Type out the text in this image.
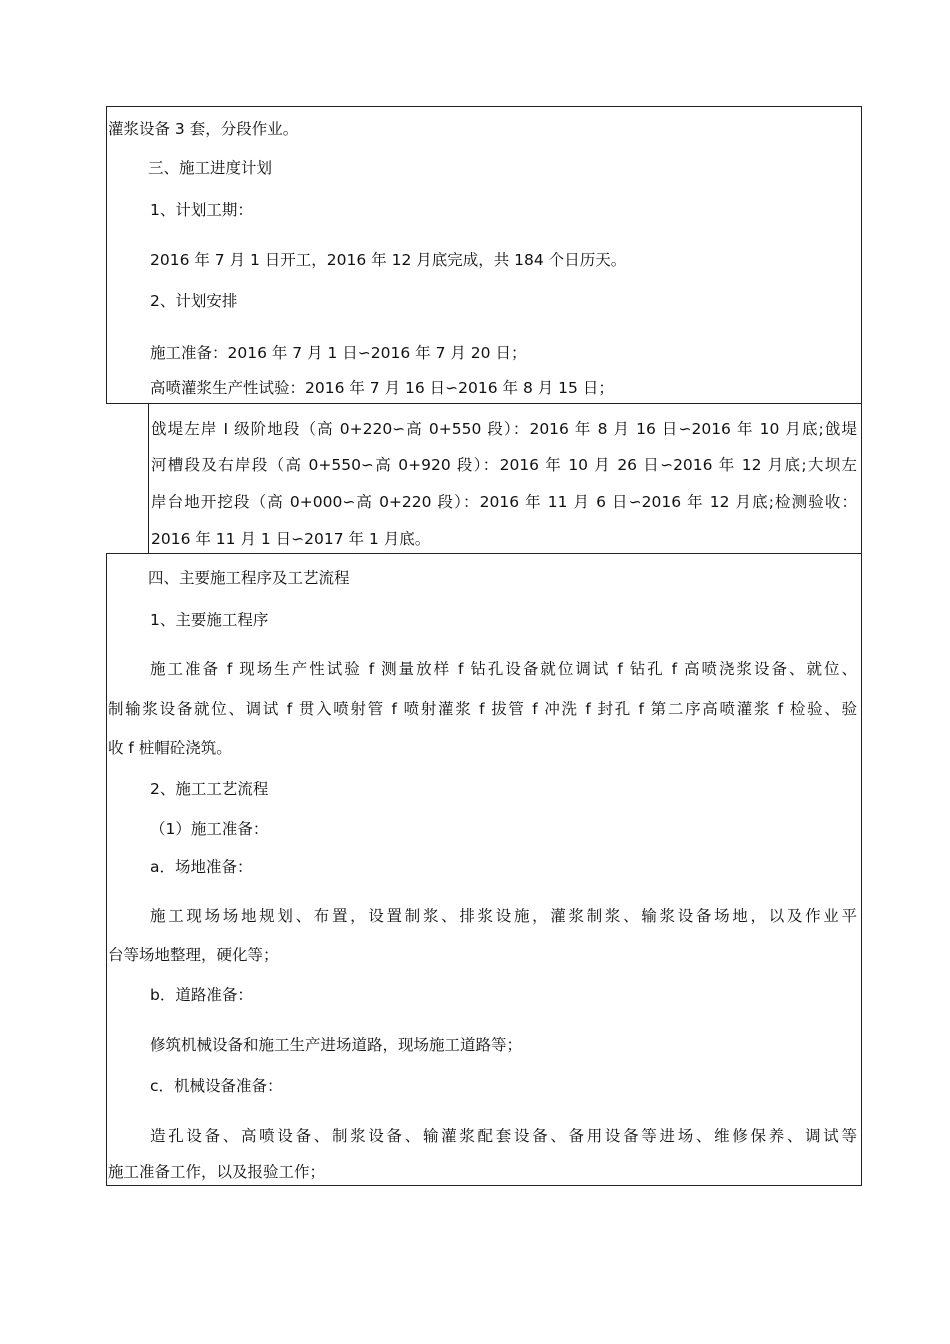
灌浆设备 3 套，分段作业。
三、施工进度计划
1、计划工期：
2016 年 7 月 1 日开工，2016 年 12 月底完成，共 184 个日历天。
2、计划安排
施工准备：2016 年 7 月 1 日∽2016 年 7 月 20 日；
高喷灌浆生产性试验：2016 年 7 月 16 日∽2016 年 8 月 15 日；
戗堤左岸 I 级阶地段（高 0+220∽高 0+550 段）：2016 年 8 月 16 日∽2016 年 10 月底;戗堤
河槽段及右岸段（高 0+550∽高 0+920 段）：2016 年 10 月 26 日∽2016 年 12 月底;大坝左
岸台地开挖段（高 0+000∽高 0+220 段）：2016 年 11 月 6 日∽2016 年 12 月底;检测验收：
2016 年 11 月 1 日∽2017 年 1 月底。
四、主要施工程序及工艺流程
1、主要施工程序
施工准备 f 现场生产性试验 f 测量放样 f 钻孔设备就位调试 f 钻孔 f 高喷浇浆设备、就位、
制输浆设备就位、调试 f 贯入喷射管 f 喷射灌浆 f 拔管 f 冲洗 f 封孔 f 第二序高喷灌浆 f 检验、验
收 f 桩帽砼浇筑。
2、施工工艺流程
（1）施工准备：
a．场地准备：
施工现场场地规划、布置，设置制浆、排浆设施，灌浆制浆、输浆设备场地，以及作业平
台等场地整理，硬化等；
b．道路准备：
修筑机械设备和施工生产进场道路，现场施工道路等；
c．机械设备准备：
造孔设备、高喷设备、制浆设备、输灌浆配套设备、备用设备等进场、维修保养、调试等
施工准备工作，以及报验工作；
